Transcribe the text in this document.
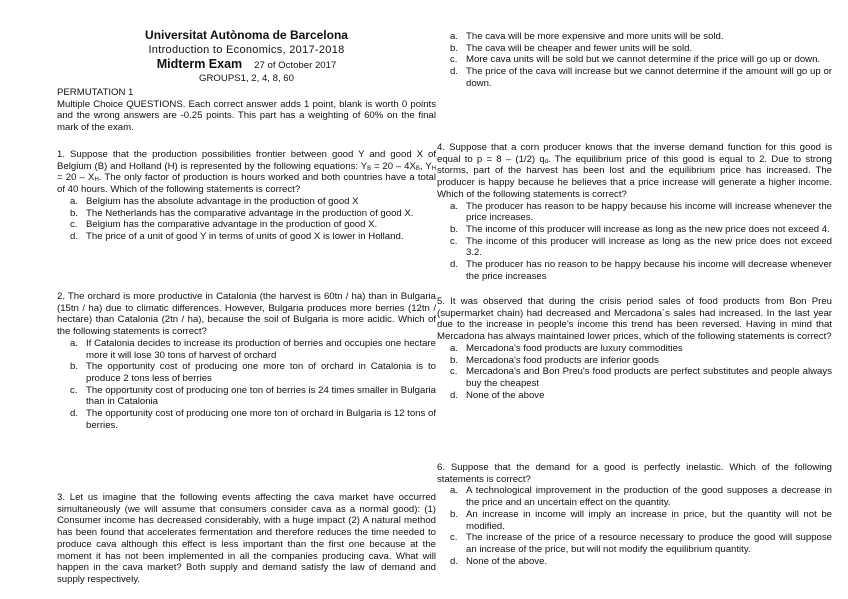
Universitat Autònoma de Barcelona
Introduction to Economics, 2017-2018
Midterm Exam 27 of October 2017
GROUPS1, 2, 4, 8, 60
PERMUTATION 1
Multiple Choice QUESTIONS. Each correct answer adds 1 point, blank is worth 0 points and the wrong answers are -0.25 points. This part has a weighting of 60% on the final mark of the exam.
1. Suppose that the production possibilities frontier between good Y and good X of Belgium (B) and Holland (H) is represented by the following equations: $Y_B = 20 - 4X_B$, $Y_H = 20 - X_H$. The only factor of production is hours worked and both countries have a total of 40 hours. Which of the following statements is correct?
a. Belgium has the absolute advantage in the production of good X
b. The Netherlands has the comparative advantage in the production of good X.
c. Belgium has the comparative advantage in the production of good X.
d. The price of a unit of good Y in terms of units of good X is lower in Holland.
2. The orchard is more productive in Catalonia (the harvest is 60tn / ha) than in Bulgaria (15tn / ha) due to climatic differences. However, Bulgaria produces more berries (12tn / hectare) than Catalonia (2tn / ha), because the soil of Bulgaria is more acidic. Which of the following statements is correct?
a. If Catalonia decides to increase its production of berries and occupies one hectare more it will lose 30 tons of harvest of orchard
b. The opportunity cost of producing one more ton of orchard in Catalonia is to produce 2 tons less of berries
c. The opportunity cost of producing one ton of berries is 24 times smaller in Bulgaria than in Catalonia
d. The opportunity cost of producing one more ton of orchard in Bulgaria is 12 tons of berries.
3. Let us imagine that the following events affecting the cava market have occurred simultaneously (we will assume that consumers consider cava as a normal good): (1) Consumer income has decreased considerably, with a huge impact (2) A natural method has been found that accelerates fermentation and therefore reduces the time needed to produce cava although this effect is less important than the first one because at the moment it has not been implemented in all the companies producing cava. What will happen in the cava market? Both supply and demand satisfy the law of demand and supply respectively.
a. The cava will be more expensive and more units will be sold.
b. The cava will be cheaper and fewer units will be sold.
c. More cava units will be sold but we cannot determine if the price will go up or down.
d. The price of the cava will increase but we cannot determine if the amount will go up or down.
4. Suppose that a corn producer knows that the inverse demand function for this good is equal to p = 8 – (1/2) $q_d$. The equilibrium price of this good is equal to 2. Due to strong storms, part of the harvest has been lost and the equilibrium price has increased. The producer is happy because he believes that a price increase will generate a higher income. Which of the following statements is correct?
a. The producer has reason to be happy because his income will increase whenever the price increases.
b. The income of this producer will increase as long as the new price does not exceed 4.
c. The income of this producer will increase as long as the new price does not exceed 3.2.
d. The producer has no reason to be happy because his income will decrease whenever the price increases
5. It was observed that during the crisis period sales of food products from Bon Preu (supermarket chain) had decreased and Mercadona´s sales had increased. In the last year due to the increase in people's income this trend has been reversed. Having in mind that Mercadona has always maintained lower prices, which of the following statements is correct?
a. Mercadona's food products are luxury commodities
b. Mercadona's food products are inferior goods
c. Mercadona's and Bon Preu's food products are perfect substitutes and people always buy the cheapest
d. None of the above
6. Suppose that the demand for a good is perfectly inelastic. Which of the following statements is correct?
a. A technological improvement in the production of the good supposes a decrease in the price and an uncertain effect on the quantity.
b. An increase in income will imply an increase in price, but the quantity will not be modified.
c. The increase of the price of a resource necessary to produce the good will suppose an increase of the price, but will not modify the equilibrium quantity.
d. None of the above.
